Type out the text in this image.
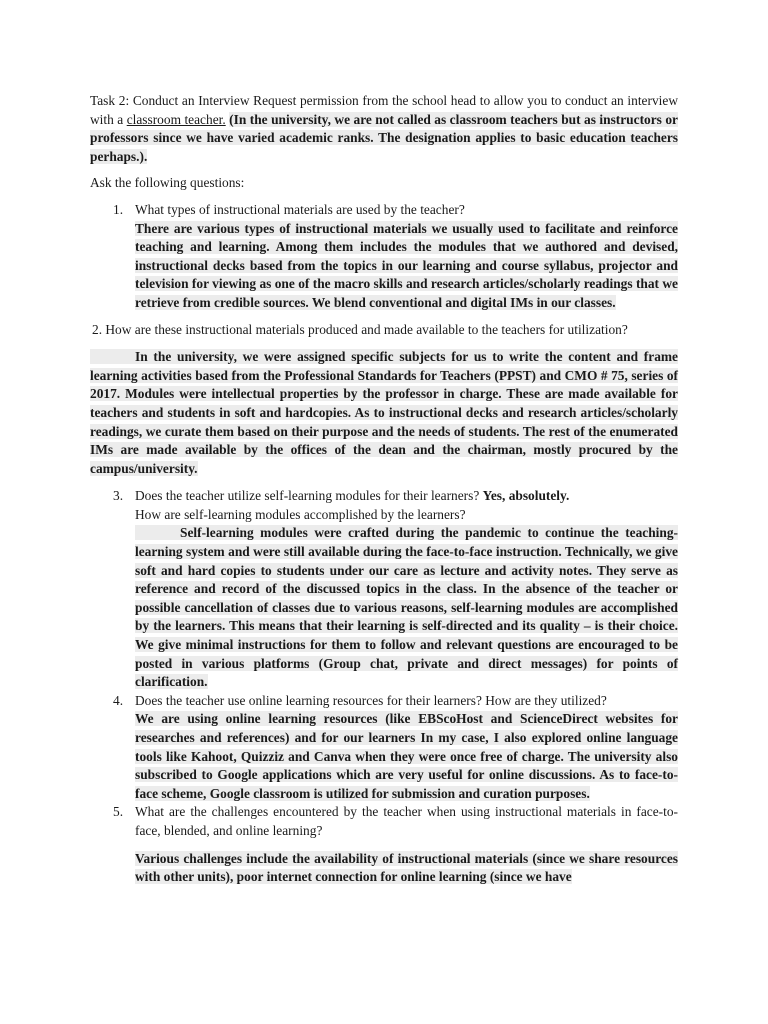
Task 2: Conduct an Interview Request permission from the school head to allow you to conduct an interview with a classroom teacher. (In the university, we are not called as classroom teachers but as instructors or professors since we have varied academic ranks. The designation applies to basic education teachers perhaps.).

Ask the following questions:

1. What types of instructional materials are used by the teacher?

There are various types of instructional materials we usually used to facilitate and reinforce teaching and learning. Among them includes the modules that we authored and devised, instructional decks based from the topics in our learning and course syllabus, projector and television for viewing as one of the macro skills and research articles/scholarly readings that we retrieve from credible sources. We blend conventional and digital IMs in our classes.

2. How are these instructional materials produced and made available to the teachers for utilization?

In the university, we were assigned specific subjects for us to write the content and frame learning activities based from the Professional Standards for Teachers (PPST) and CMO # 75, series of 2017. Modules were intellectual properties by the professor in charge. These are made available for teachers and students in soft and hardcopies. As to instructional decks and research articles/scholarly readings, we curate them based on their purpose and the needs of students. The rest of the enumerated IMs are made available by the offices of the dean and the chairman, mostly procured by the campus/university.

3. Does the teacher utilize self-learning modules for their learners? Yes, absolutely.

How are self-learning modules accomplished by the learners?

Self-learning modules were crafted during the pandemic to continue the teaching-learning system and were still available during the face-to-face instruction. Technically, we give soft and hard copies to students under our care as lecture and activity notes. They serve as reference and record of the discussed topics in the class. In the absence of the teacher or possible cancellation of classes due to various reasons, self-learning modules are accomplished by the learners. This means that their learning is self-directed and its quality – is their choice. We give minimal instructions for them to follow and relevant questions are encouraged to be posted in various platforms (Group chat, private and direct messages) for points of clarification.

4. Does the teacher use online learning resources for their learners? How are they utilized?

We are using online learning resources (like EBScoHost and ScienceDirect websites for researches and references) and for our learners In my case, I also explored online language tools like Kahoot, Quizziz and Canva when they were once free of charge. The university also subscribed to Google applications which are very useful for online discussions. As to face-to-face scheme, Google classroom is utilized for submission and curation purposes.

5. What are the challenges encountered by the teacher when using instructional materials in face-to-face, blended, and online learning?

Various challenges include the availability of instructional materials (since we share resources with other units), poor internet connection for online learning (since we have
